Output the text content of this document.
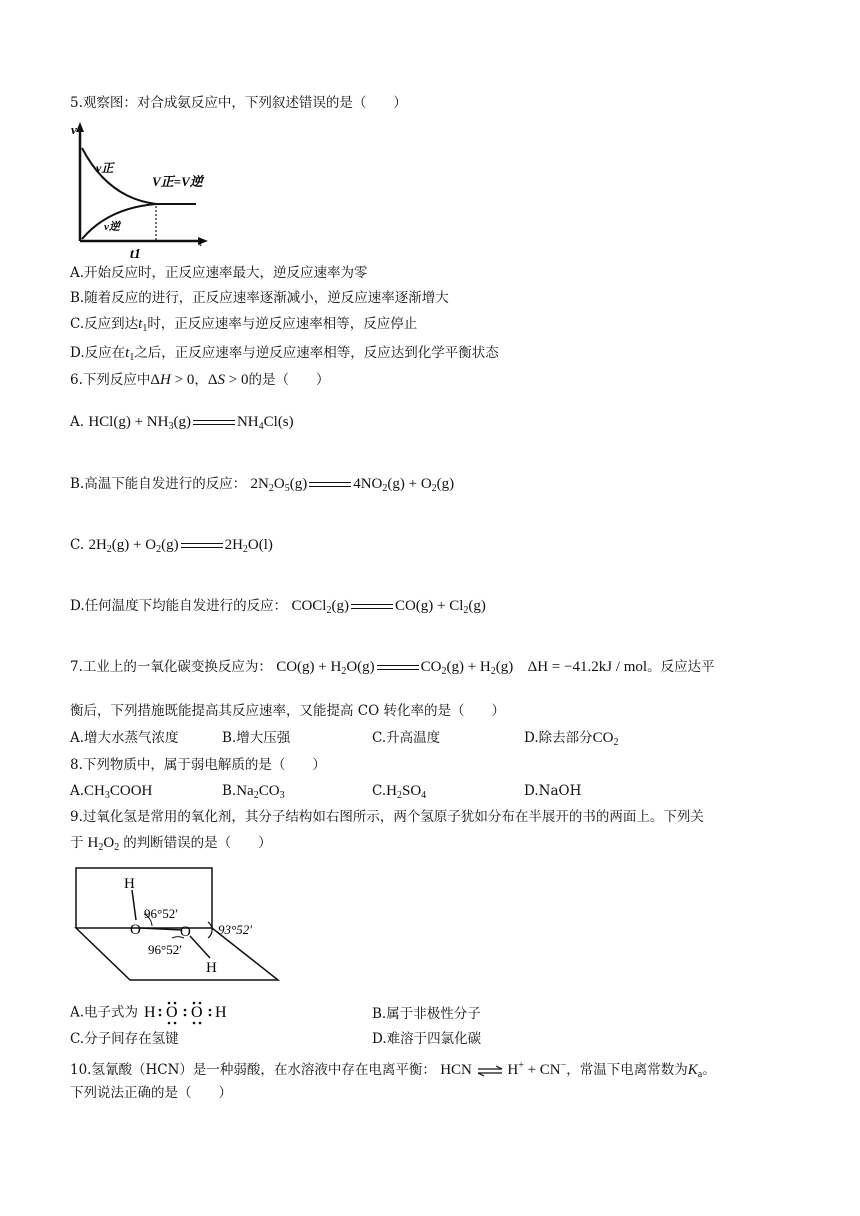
5.观察图：对合成氨反应中，下列叙述错误的是（　　）
v
t
v正
v逆
V正=V逆
t1
A.开始反应时，正反应速率最大，逆反应速率为零
B.随着反应的进行，正反应速率逐渐减小，逆反应速率逐渐增大
C.反应到达$t_1$时，正反应速率与逆反应速率相等，反应停止
D.反应在$t_1$之后，正反应速率与逆反应速率相等，反应达到化学平衡状态
6.下列反应中ΔH > 0，ΔS > 0的是（　　）
A. $HCl(g) + NH_3(g)$	$NH_4Cl(s)$
B.高温下能自发进行的反应： $2N_2O_5(g)$	$4NO_2(g) + O_2(g)$
C. $2H_2(g) + O_2(g)$	$2H_2O(l)$
D.任何温度下均能自发进行的反应： COCl$_2$(g)	$CO(g) + Cl_2(g)$
7.工业上的一氧化碳变换反应为： $CO(g) + H_2O(g)$	$CO_2(g) + H_2(g) \Delta H = -41.2kJ$ / mol。反应达平
衡后，下列措施既能提高其反应速率，又能提高 CO 转化率的是（　　）
A.增大水蒸气浓度	B.增大压强	C.升高温度	D.除去部分$CO_2$
8.下列物质中，属于弱电解质的是（　　）
$A.CH_3COOH$	$B.Na_2CO_3$	$C.H_2SO_4$	D.NaOH
9.过氧化氢是常用的氧化剂，其分子结构如右图所示，两个氢原子犹如分布在半展开的书的两面上。下列关
于 $H_2O_2$ 的判断错误的是（　　）
H
O	O
H
96°52′
96°52′
93°52′
A.电子式为 H O O H	B.属于非极性分子
C.分子间存在氢键	D.难溶于四氯化碳
10.氢氰酸（HCN）是一种弱酸，在水溶液中存在电离平衡： HCN ⇌ H+ + CN−，常温下电离常数为$K_a$。
下列说法正确的是（　　）
